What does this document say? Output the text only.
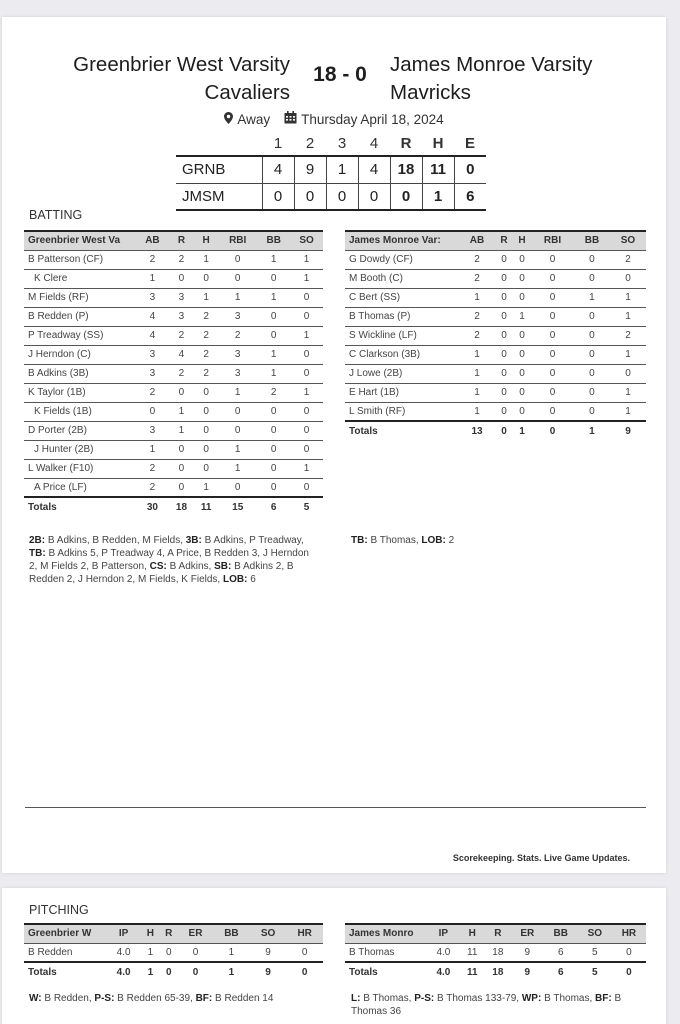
Greenbrier West Varsity
Cavaliers
18 - 0	James Monroe Varsity
Mavricks
Away Thursday April 18, 2024
	1	2	3	4	R	H	E
GRNB	4	9	1	4	18	11	0
JMSM	0	0	0	0	0	1	6
BATTING
Greenbrier West Va	AB	R	H	RBI	BB	SO
B Patterson (CF)	2	2	1	0	1	1
K Clere	1	0	0	0	0	1
M Fields (RF)	3	3	1	1	1	0
B Redden (P)	4	3	2	3	0	0
P Treadway (SS)	4	2	2	2	0	1
J Herndon (C)	3	4	2	3	1	0
B Adkins (3B)	3	2	2	3	1	0
K Taylor (1B)	2	0	0	1	2	1
K Fields (1B)	0	1	0	0	0	0
D Porter (2B)	3	1	0	0	0	0
J Hunter (2B)	1	0	0	1	0	0
L Walker (F10)	2	0	0	1	0	1
A Price (LF)	2	0	1	0	0	0
Totals	30	18	11	15	6	5
James Monroe Var:	AB	R	H	RBI	BB	SO
G Dowdy (CF)	2	0	0	0	0	2
M Booth (C)	2	0	0	0	0	0
C Bert (SS)	1	0	0	0	1	1
B Thomas (P)	2	0	1	0	0	1
S Wickline (LF)	2	0	0	0	0	2
C Clarkson (3B)	1	0	0	0	0	1
J Lowe (2B)	1	0	0	0	0	0
E Hart (1B)	1	0	0	0	0	1
L Smith (RF)	1	0	0	0	0	1
Totals	13	0	1	0	1	9
2B: B Adkins, B Redden, M Fields, 3B: B Adkins, P Treadway, TB: B Adkins 5, P Treadway 4, A Price, B Redden 3, J Herndon 2, M Fields 2, B Patterson, CS: B Adkins, SB: B Adkins 2, B Redden 2, J Herndon 2, M Fields, K Fields, LOB: 6
TB: B Thomas, LOB: 2
Scorekeeping. Stats. Live Game Updates.
PITCHING
Greenbrier W	IP	H	R	ER	BB	SO	HR
B Redden	4.0	1	0	0	1	9	0
Totals	4.0	1	0	0	1	9	0
James Monro	IP	H	R	ER	BB	SO	HR
B Thomas	4.0	11	18	9	6	5	0
Totals	4.0	11	18	9	6	5	0
W: B Redden, P-S: B Redden 65-39, BF: B Redden 14	L: B Thomas, P-S: B Thomas 133-79, WP: B Thomas, BF: B Thomas 36
